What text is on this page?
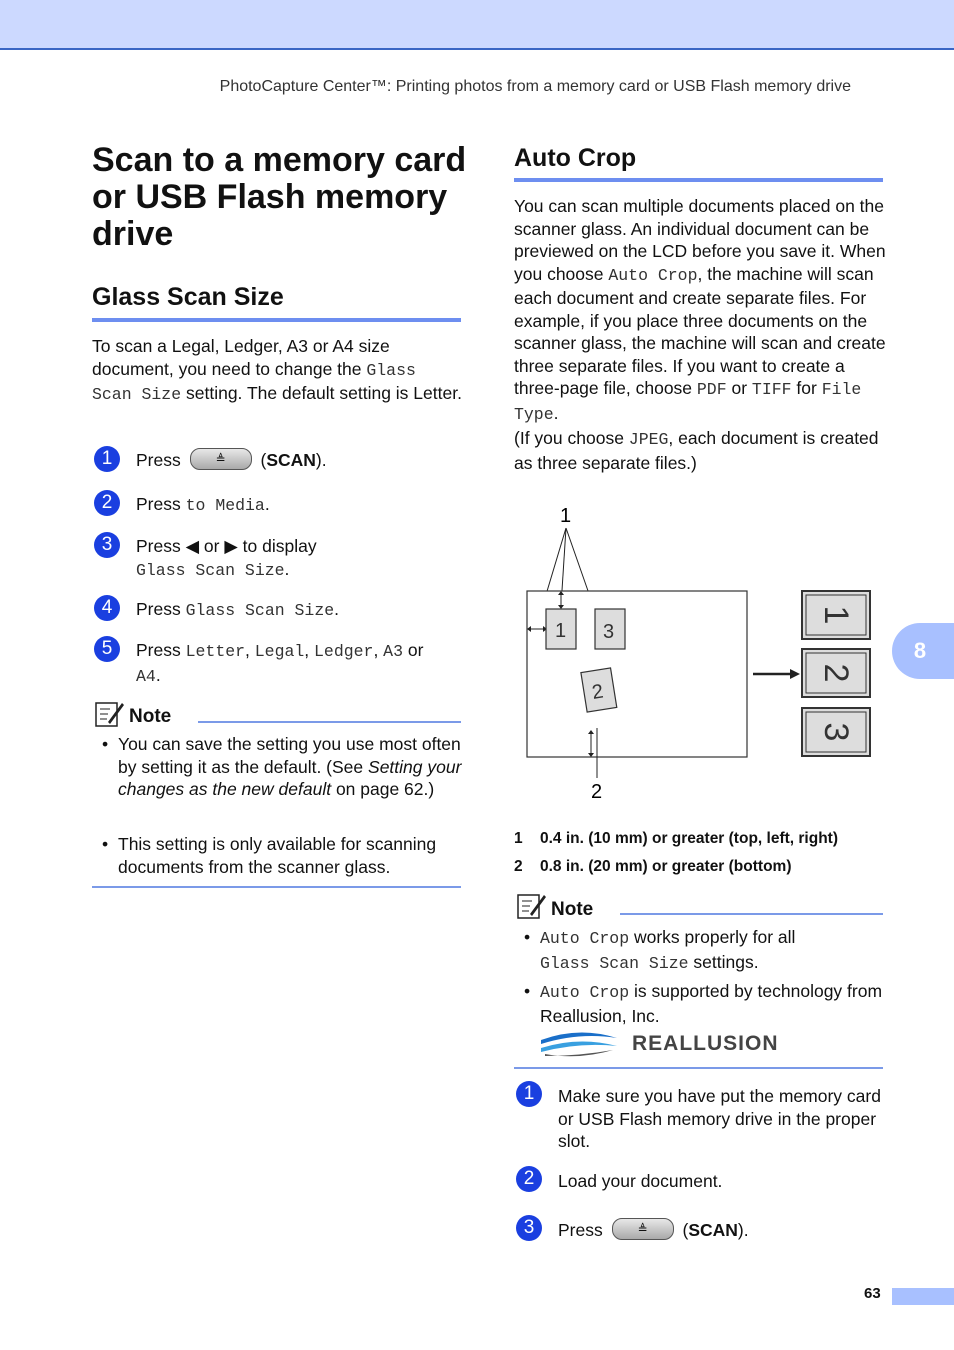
PhotoCapture Center™: Printing photos from a memory card or USB Flash memory drive
8
Scan to a memory card or USB Flash memory drive
Glass Scan Size
To scan a Legal, Ledger, A3 or A4 size document, you need to change the Glass Scan Size setting. The default setting is Letter.
1	Press	≜ (SCAN).
2	Press to Media.
3	Press ◀ or ▶ to display
Glass Scan Size.
4	Press Glass Scan Size.
5	Press Letter, Legal, Ledger, A3 or
A4.
Note
• You can save the setting you use most often by setting it as the default. (See Setting your changes as the new default on page 62.)
• This setting is only available for scanning documents from the scanner glass.
Auto Crop
You can scan multiple documents placed on the scanner glass. An individual document can be previewed on the LCD before you save it. When you choose Auto Crop, the machine will scan each document and create separate files. For example, if you place three documents on the scanner glass, the machine will scan and create three separate files. If you want to create a three-page file, choose PDF or TIFF for File Type.
(If you choose JPEG, each document is created as three separate files.)
1
1 3
2
2
1
2
3
1 0.4 in. (10 mm) or greater (top, left, right)
2 0.8 in. (20 mm) or greater (bottom)
Note
• Auto Crop works properly for all
Glass Scan Size settings.
• Auto Crop is supported by technology from Reallusion, Inc.
REALLUSION
1	Make sure you have put the memory card or USB Flash memory drive in the proper slot.
2	Load your document.
3	Press	≜ (SCAN).
63
